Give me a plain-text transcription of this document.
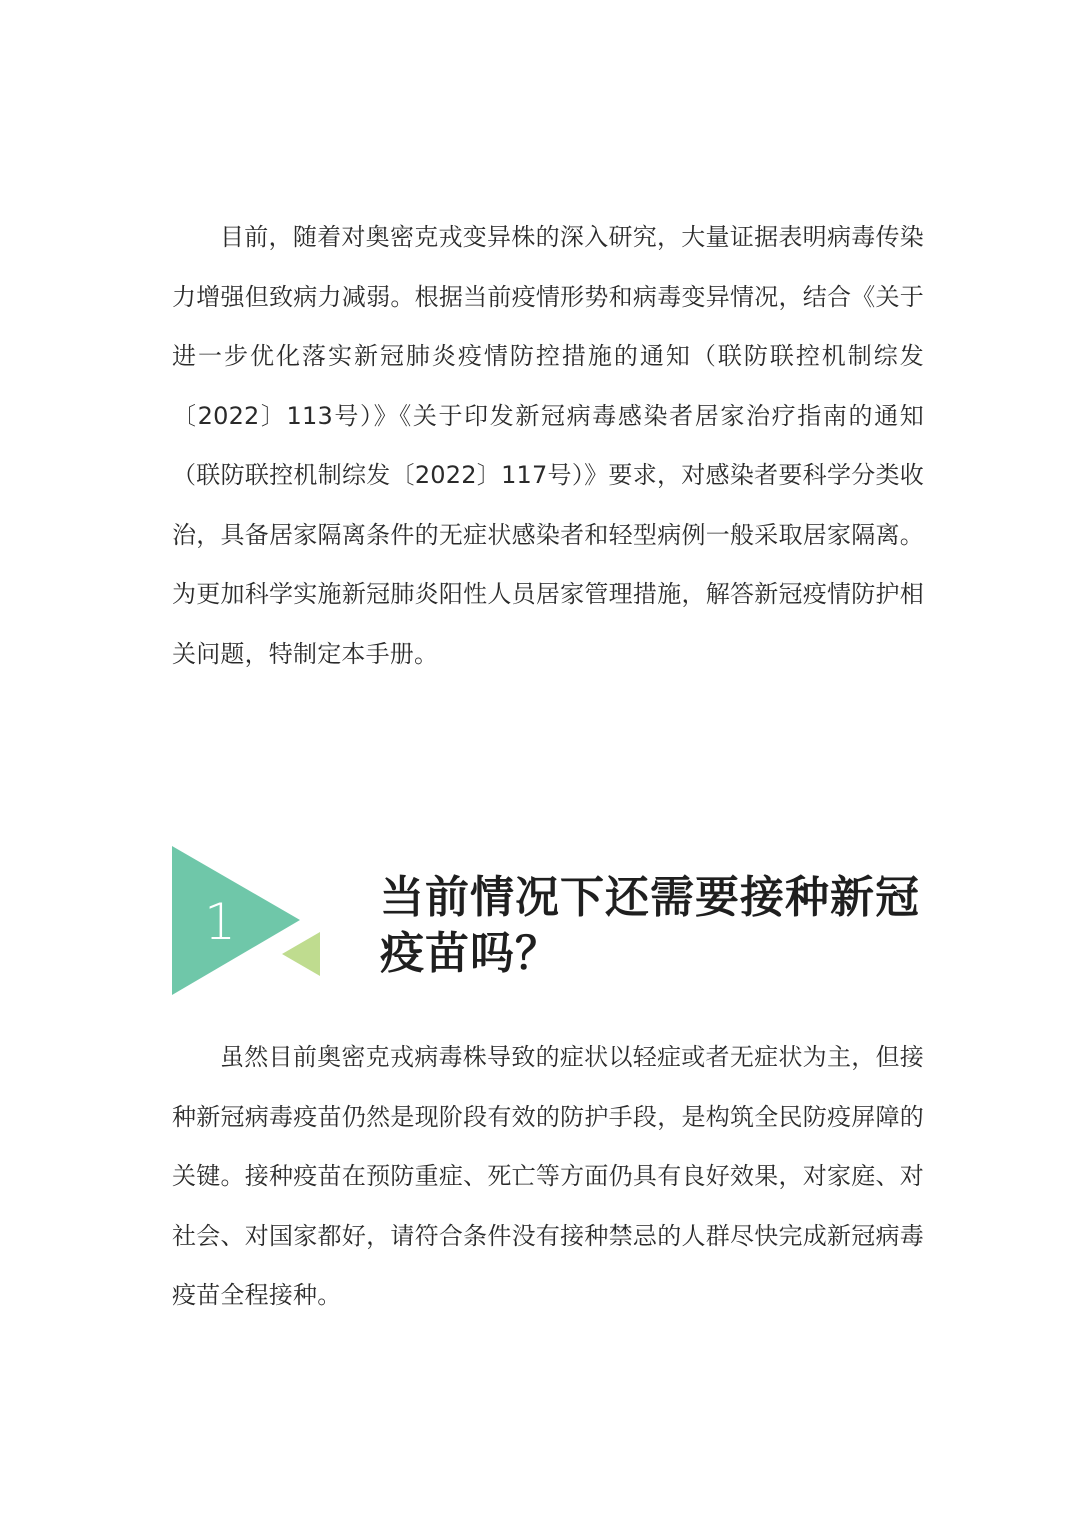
目前，随着对奥密克戎变异株的深入研究，大量证据表明病毒传染力增强但致病力减弱。根据当前疫情形势和病毒变异情况，结合《关于进一步优化落实新冠肺炎疫情防控措施的通知（联防联控机制综发〔2022〕113号）》《关于印发新冠病毒感染者居家治疗指南的通知（联防联控机制综发〔2022〕117号）》要求，对感染者要科学分类收治，具备居家隔离条件的无症状感染者和轻型病例一般采取居家隔离。为更加科学实施新冠肺炎阳性人员居家管理措施，解答新冠疫情防护相关问题，特制定本手册。

1	当前情况下还需要接种新冠疫苗吗？

虽然目前奥密克戎病毒株导致的症状以轻症或者无症状为主，但接种新冠病毒疫苗仍然是现阶段有效的防护手段，是构筑全民防疫屏障的关键。接种疫苗在预防重症、死亡等方面仍具有良好效果，对家庭、对社会、对国家都好，请符合条件没有接种禁忌的人群尽快完成新冠病毒疫苗全程接种。
